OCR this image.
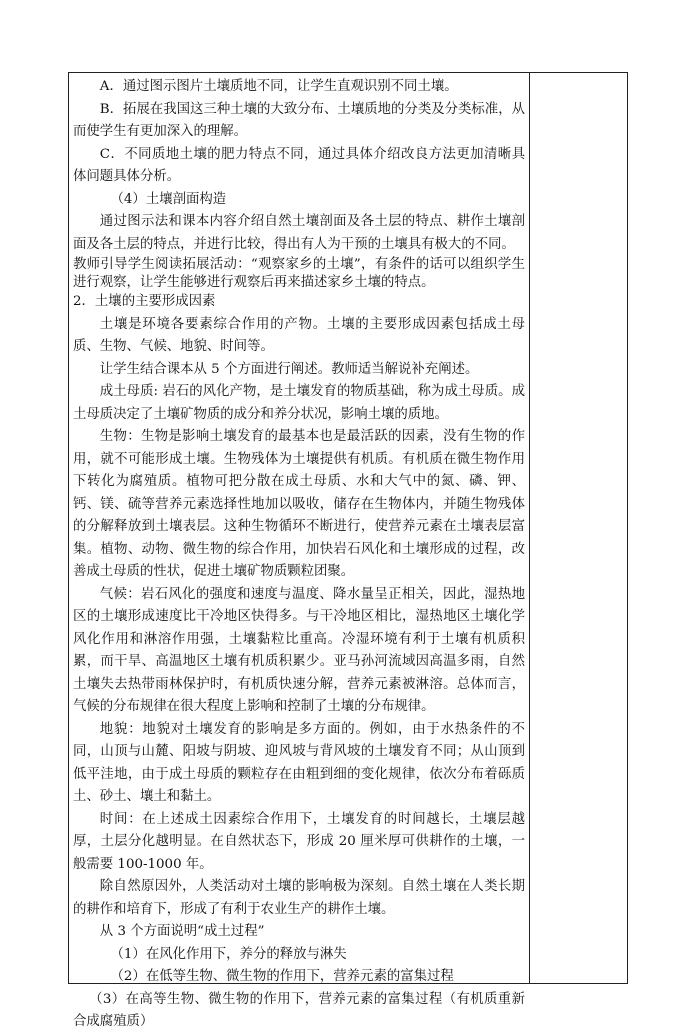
A．通过图示图片土壤质地不同，让学生直观识别不同土壤。

B．拓展在我国这三种土壤的大致分布、土壤质地的分类及分类标准，从而使学生有更加深入的理解。

C．不同质地土壤的肥力特点不同，通过具体介绍改良方法更加清晰具体问题具体分析。

（4）土壤剖面构造

通过图示法和课本内容介绍自然土壤剖面及各土层的特点、耕作土壤剖面及各土层的特点，并进行比较，得出有人为干预的土壤具有极大的不同。

教师引导学生阅读拓展活动：“观察家乡的土壤”，有条件的话可以组织学生进行观察，让学生能够进行观察后再来描述家乡土壤的特点。

2．土壤的主要形成因素

土壤是环境各要素综合作用的产物。土壤的主要形成因素包括成土母质、生物、气候、地貌、时间等。

让学生结合课本从 5 个方面进行阐述。教师适当解说补充阐述。

成土母质: 岩石的风化产物，是土壤发育的物质基础，称为成土母质。成土母质决定了土壤矿物质的成分和养分状况，影响土壤的质地。

生物：生物是影响土壤发育的最基本也是最活跃的因素，没有生物的作用，就不可能形成土壤。生物残体为土壤提供有机质。有机质在微生物作用下转化为腐殖质。植物可把分散在成土母质、水和大气中的氮、磷、钾、钙、镁、硫等营养元素选择性地加以吸收，储存在生物体内，并随生物残体的分解释放到土壤表层。这种生物循环不断进行，使营养元素在土壤表层富集。植物、动物、微生物的综合作用，加快岩石风化和土壤形成的过程，改善成土母质的性状，促进土壤矿物质颗粒团聚。

气候：岩石风化的强度和速度与温度、降水量呈正相关，因此，湿热地区的土壤形成速度比干冷地区快得多。与干冷地区相比，湿热地区土壤化学风化作用和淋溶作用强，土壤黏粒比重高。冷湿环境有利于土壤有机质积累，而干旱、高温地区土壤有机质积累少。亚马孙河流域因高温多雨，自然土壤失去热带雨林保护时，有机质快速分解，营养元素被淋溶。总体而言，气候的分布规律在很大程度上影响和控制了土壤的分布规律。

地貌：地貌对土壤发育的影响是多方面的。例如，由于水热条件的不同，山顶与山麓、阳坡与阴坡、迎风坡与背风坡的土壤发育不同；从山顶到低平洼地，由于成土母质的颗粒存在由粗到细的变化规律，依次分布着砾质土、砂土、壤土和黏土。

时间：在上述成土因素综合作用下，土壤发育的时间越长，土壤层越厚，土层分化越明显。在自然状态下，形成 20 厘米厚可供耕作的土壤，一般需要 100-1000 年。

除自然原因外，人类活动对土壤的影响极为深刻。自然土壤在人类长期的耕作和培育下，形成了有利于农业生产的耕作土壤。

从 3 个方面说明“成土过程”

（1）在风化作用下，养分的释放与淋失

（2）在低等生物、微生物的作用下，营养元素的富集过程

（3）在高等生物、微生物的作用下，营养元素的富集过程（有机质重新合成腐殖质）
